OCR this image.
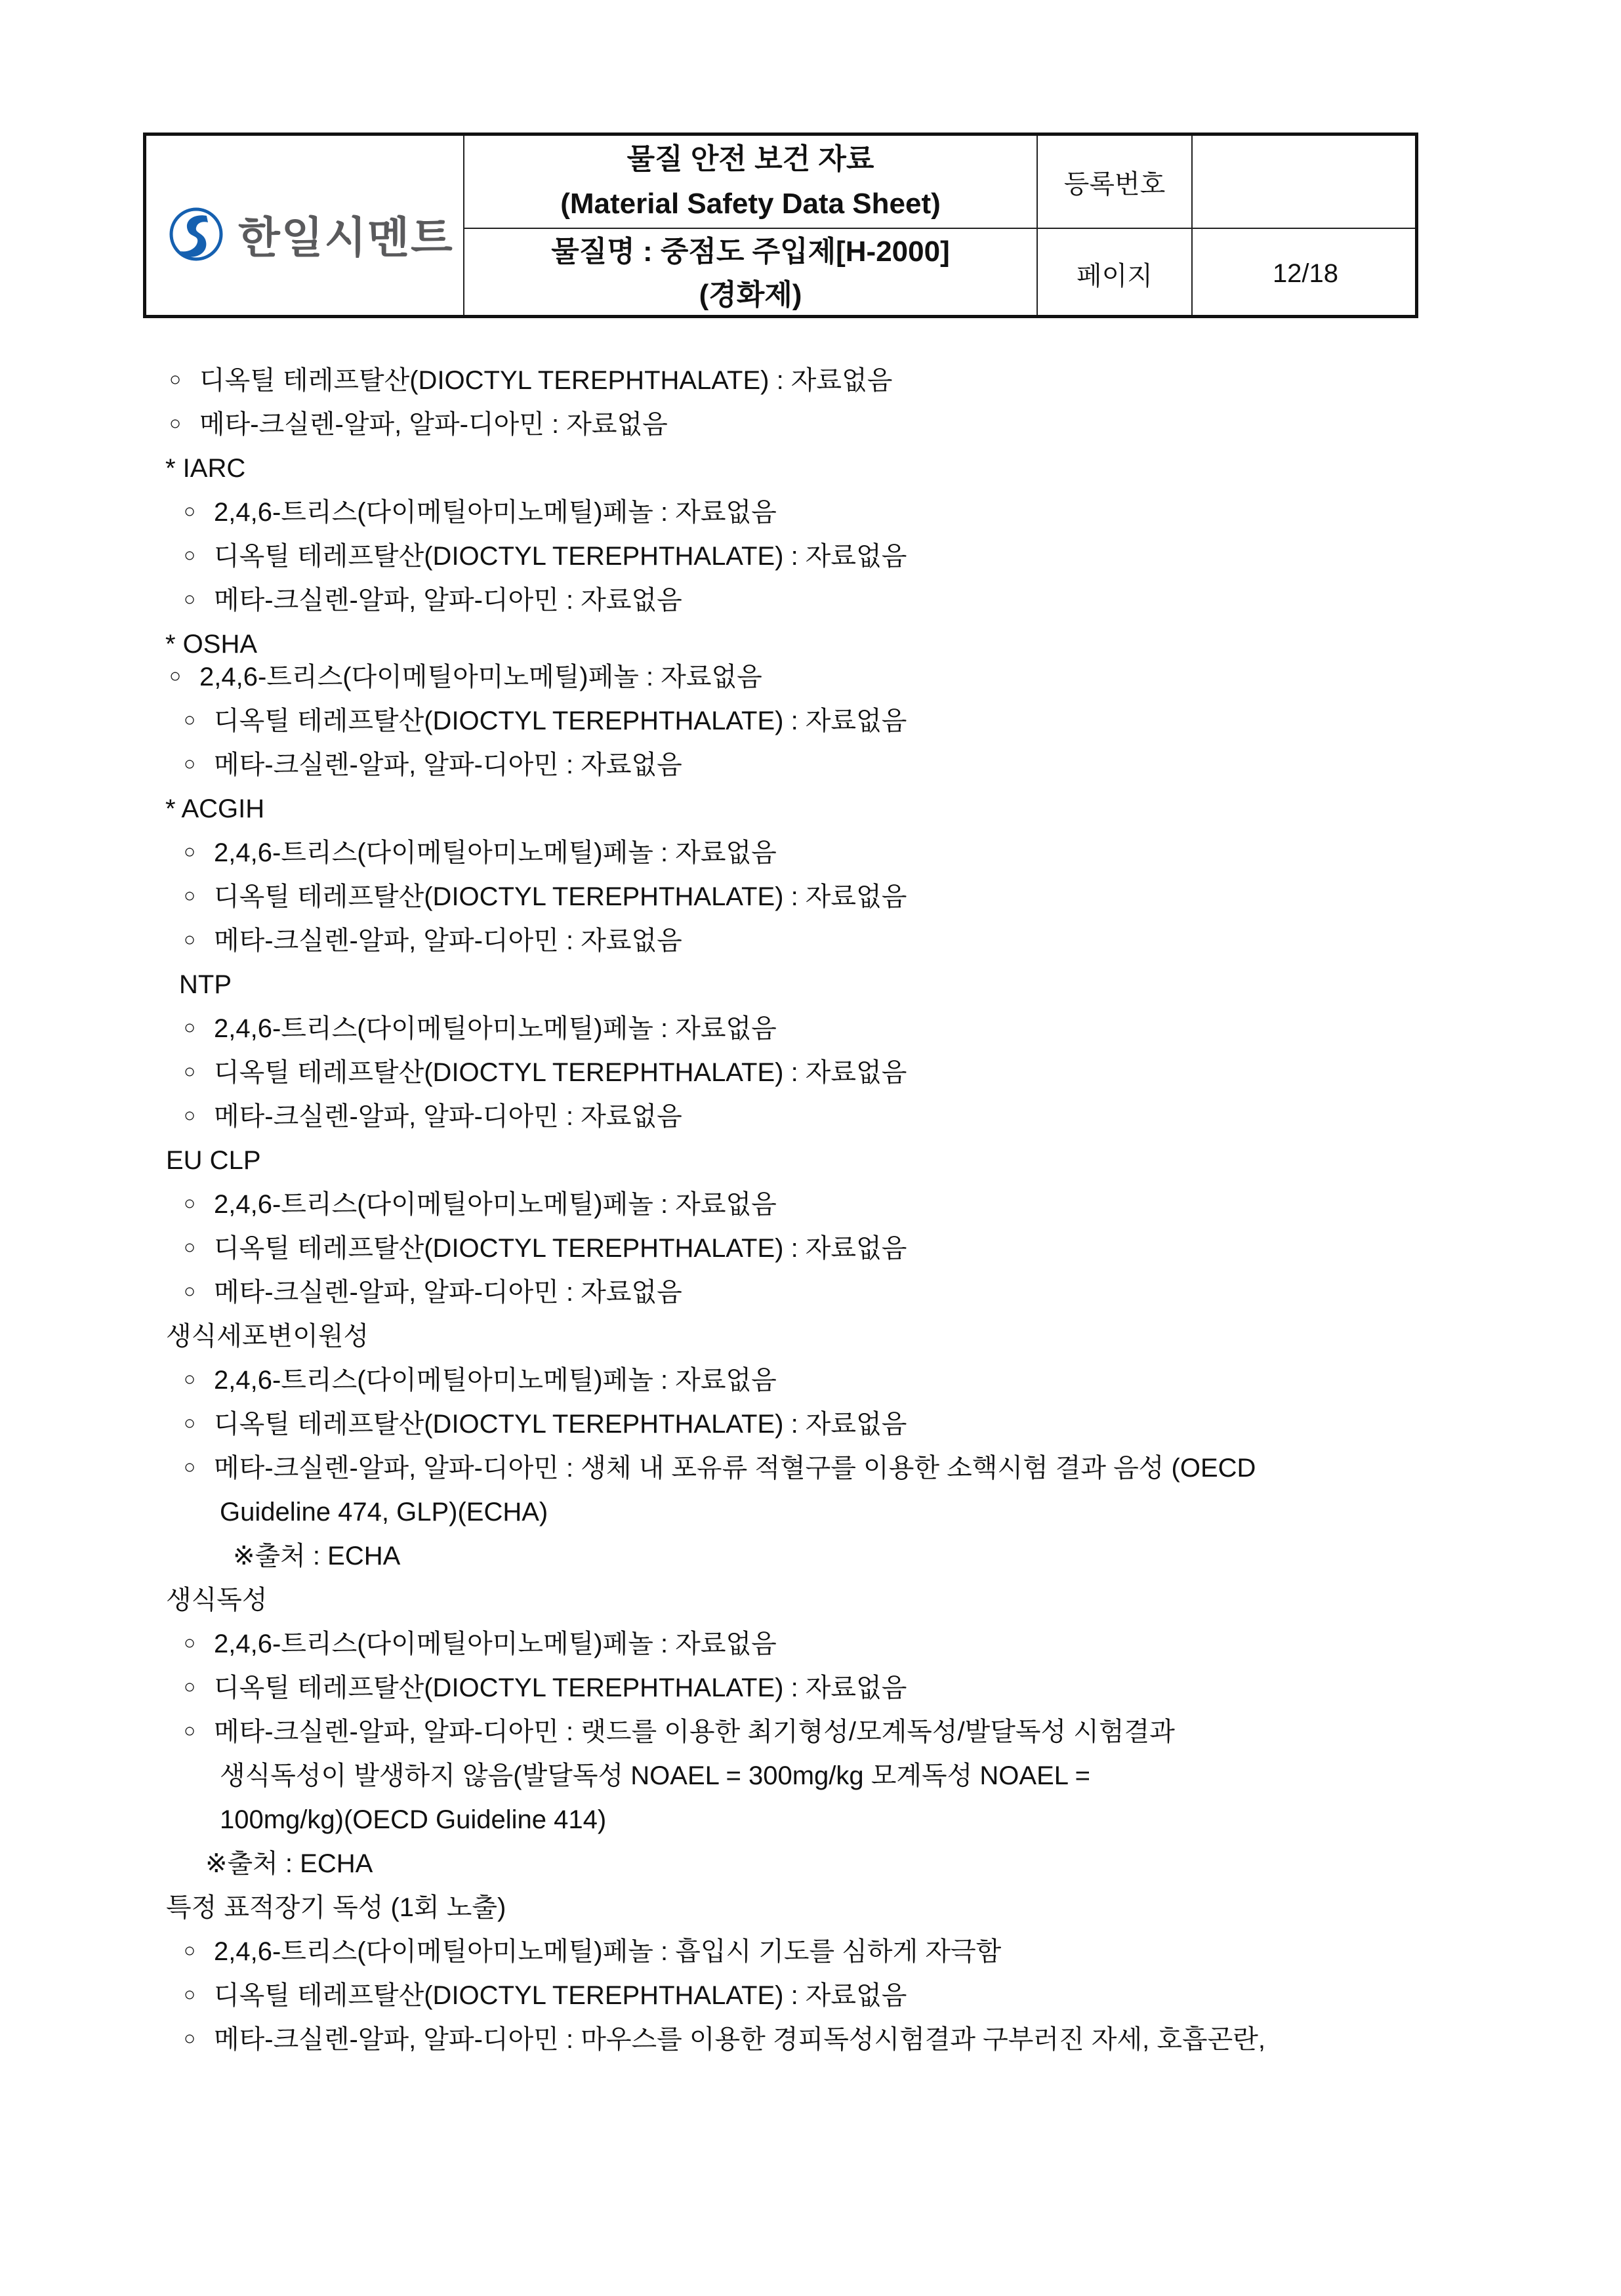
한일시멘트
물질 안전 보건 자료
(Material Safety Data Sheet)
물질명 : 중점도 주입제[H-2000]
(경화제)
등록번호
페이지	12/18
○ 디옥틸 테레프탈산(DIOCTYL TEREPHTHALATE) : 자료없음
○ 메타-크실렌-알파, 알파-디아민 : 자료없음
* IARC
○ 2,4,6-트리스(다이메틸아미노메틸)페놀 : 자료없음
○ 디옥틸 테레프탈산(DIOCTYL TEREPHTHALATE) : 자료없음
○ 메타-크실렌-알파, 알파-디아민 : 자료없음
* OSHA
○ 2,4,6-트리스(다이메틸아미노메틸)페놀 : 자료없음
○ 디옥틸 테레프탈산(DIOCTYL TEREPHTHALATE) : 자료없음
○ 메타-크실렌-알파, 알파-디아민 : 자료없음
* ACGIH
○ 2,4,6-트리스(다이메틸아미노메틸)페놀 : 자료없음
○ 디옥틸 테레프탈산(DIOCTYL TEREPHTHALATE) : 자료없음
○ 메타-크실렌-알파, 알파-디아민 : 자료없음
NTP
○ 2,4,6-트리스(다이메틸아미노메틸)페놀 : 자료없음
○ 디옥틸 테레프탈산(DIOCTYL TEREPHTHALATE) : 자료없음
○ 메타-크실렌-알파, 알파-디아민 : 자료없음
EU CLP
○ 2,4,6-트리스(다이메틸아미노메틸)페놀 : 자료없음
○ 디옥틸 테레프탈산(DIOCTYL TEREPHTHALATE) : 자료없음
○ 메타-크실렌-알파, 알파-디아민 : 자료없음
생식세포변이원성
○ 2,4,6-트리스(다이메틸아미노메틸)페놀 : 자료없음
○ 디옥틸 테레프탈산(DIOCTYL TEREPHTHALATE) : 자료없음
○ 메타-크실렌-알파, 알파-디아민 : 생체 내 포유류 적혈구를 이용한 소핵시험 결과 음성 (OECD
Guideline 474, GLP)(ECHA)
※출처 : ECHA
생식독성
○ 2,4,6-트리스(다이메틸아미노메틸)페놀 : 자료없음
○ 디옥틸 테레프탈산(DIOCTYL TEREPHTHALATE) : 자료없음
○ 메타-크실렌-알파, 알파-디아민 : 랫드를 이용한 최기형성/모계독성/발달독성 시험결과
생식독성이 발생하지 않음(발달독성 NOAEL = 300mg/kg 모계독성 NOAEL =
100mg/kg)(OECD Guideline 414)
※출처 : ECHA
특정 표적장기 독성 (1회 노출)
○ 2,4,6-트리스(다이메틸아미노메틸)페놀 : 흡입시 기도를 심하게 자극함
○ 디옥틸 테레프탈산(DIOCTYL TEREPHTHALATE) : 자료없음
○ 메타-크실렌-알파, 알파-디아민 : 마우스를 이용한 경피독성시험결과 구부러진 자세, 호흡곤란,
